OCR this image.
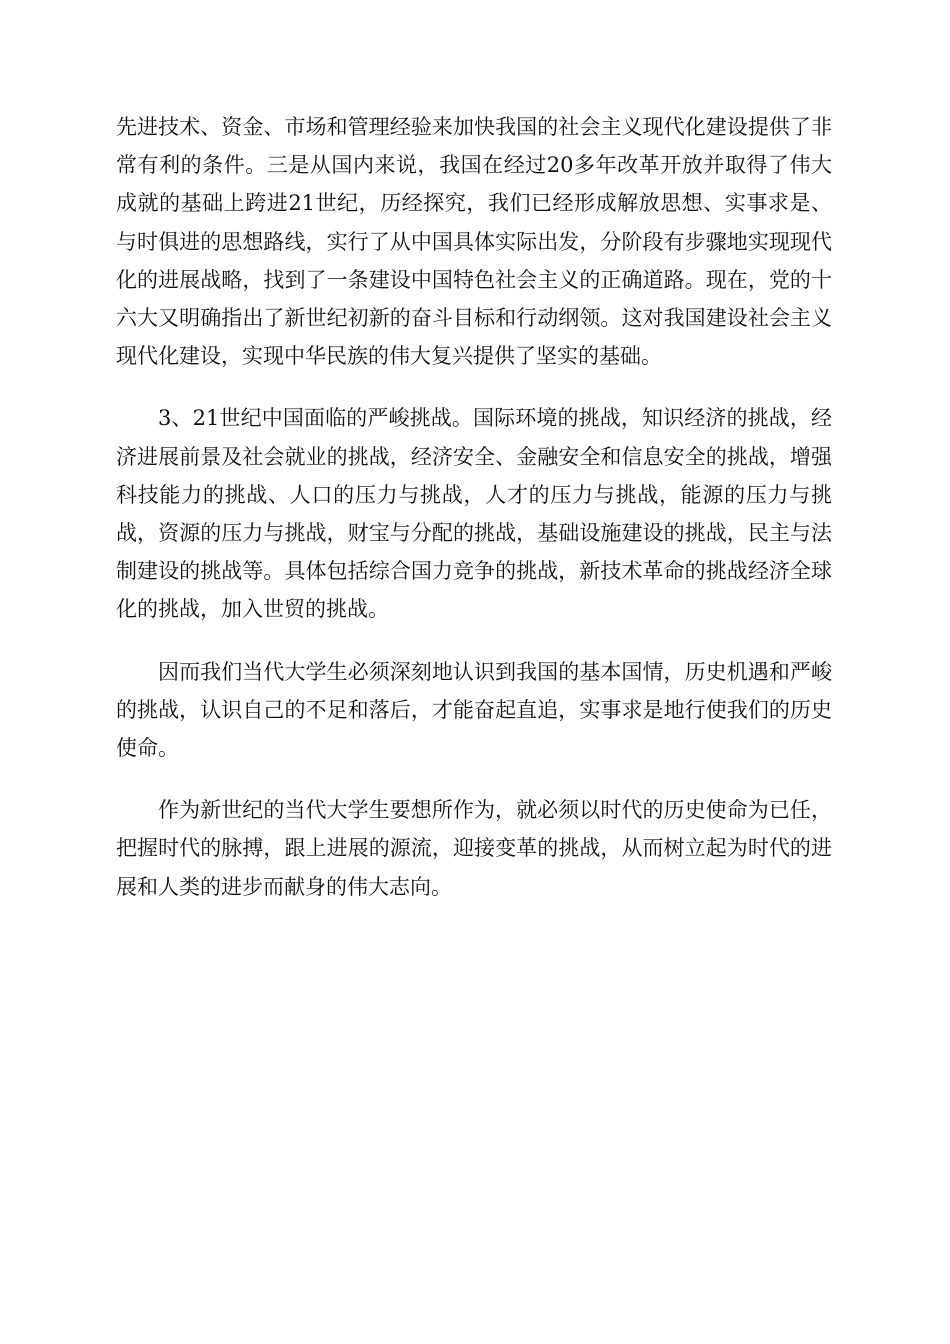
先进技术、资金、市场和管理经验来加快我国的社会主义现代化建设提供了非常有利的条件。三是从国内来说，我国在经过20多年改革开放并取得了伟大成就的基础上跨进21世纪，历经探究，我们已经形成解放思想、实事求是、与时俱进的思想路线，实行了从中国具体实际出发，分阶段有步骤地实现现代化的进展战略，找到了一条建设中国特色社会主义的正确道路。现在，党的十六大又明确指出了新世纪初新的奋斗目标和行动纲领。这对我国建设社会主义现代化建设，实现中华民族的伟大复兴提供了坚实的基础。

3、21世纪中国面临的严峻挑战。国际环境的挑战，知识经济的挑战，经济进展前景及社会就业的挑战，经济安全、金融安全和信息安全的挑战，增强科技能力的挑战、人口的压力与挑战，人才的压力与挑战，能源的压力与挑战，资源的压力与挑战，财宝与分配的挑战，基础设施建设的挑战，民主与法制建设的挑战等。具体包括综合国力竞争的挑战，新技术革命的挑战经济全球化的挑战，加入世贸的挑战。

因而我们当代大学生必须深刻地认识到我国的基本国情，历史机遇和严峻的挑战，认识自己的不足和落后，才能奋起直追，实事求是地行使我们的历史使命。

作为新世纪的当代大学生要想所作为，就必须以时代的历史使命为已任，把握时代的脉搏，跟上进展的源流，迎接变革的挑战，从而树立起为时代的进展和人类的进步而献身的伟大志向。
